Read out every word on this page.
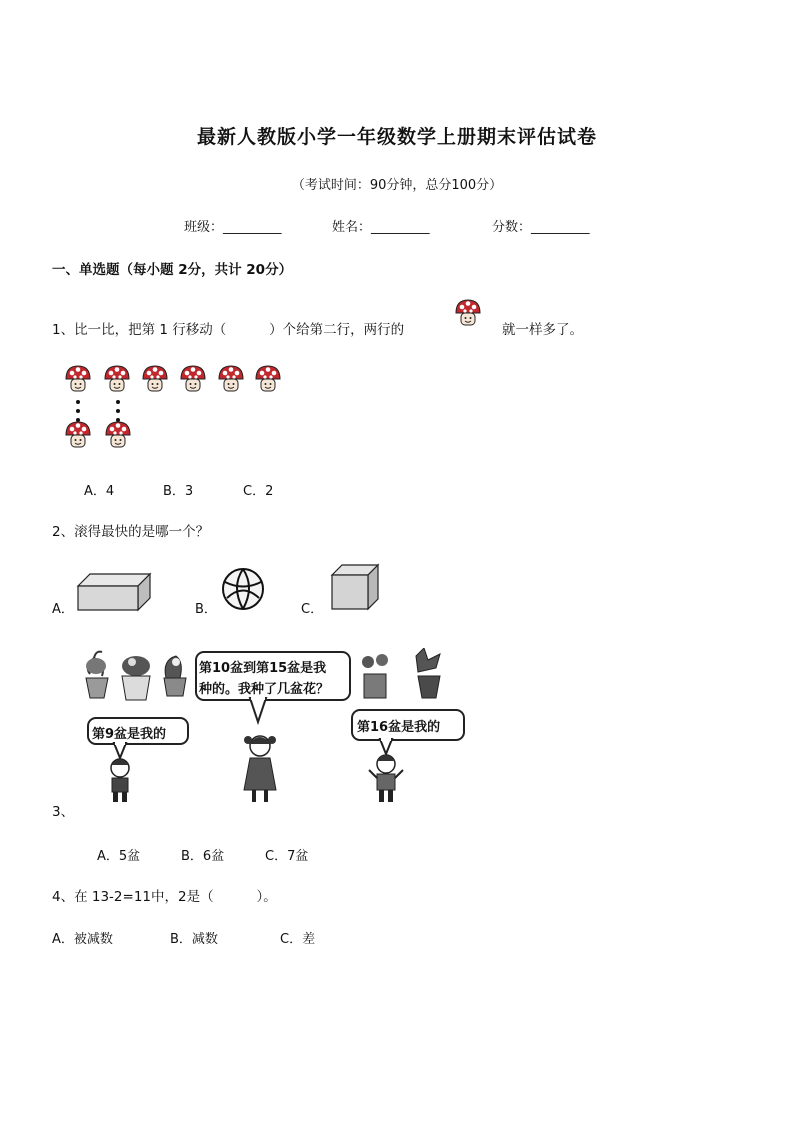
最新人教版小学一年级数学上册期末评估试卷
（考试时间：90分钟，总分100分）
班级：_________	姓名：_________	分数：_________
一、单选题（每小题 2分，共计 20分）
1、比一比，把第 1 行移动（          ）个给第二行，两行的	就一样多了。
A．4	B．3	C．2
2、滚得最快的是哪一个？
A．	B．	C．
第10盆到第15盆是我
种的。我种了几盆花？
第9盆是我的	第16盆是我的
3、
A．5盆	B．6盆	C．7盆
4、在 13-2=11中，2是（          ）。
A．被减数	B．减数	C．差
